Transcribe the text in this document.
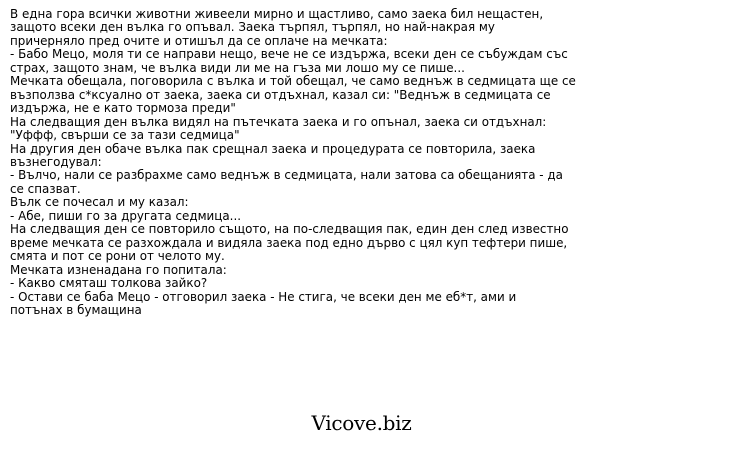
В една гора всички животни живеели мирно и щастливо, само заека бил нещастен,
защото всеки ден вълка го опъвал. Заека търпял, търпял, но най-накрая му
причерняло пред очите и отишъл да се оплаче на мечката:
- Бабо Мецо, моля ти се направи нещо, вече не се издържа, всеки ден се събуждам със
страх, защото знам, че вълка види ли ме на гъза ми лошо му се пише...
Мечката обещала, поговорила с вълка и той обещал, че само веднъж в седмицата ще се
възползва с*ксуално от заека, заека си отдъхнал, казал си: "Веднъж в седмицата се
издържа, не е като тормоза преди"
На следващия ден вълка видял на пътечката заека и го опънал, заека си отдъхнал:
"Уффф, свърши се за тази седмица"
На другия ден обаче вълка пак срещнал заека и процедурата се повторила, заека
възнегодувал:
- Вълчо, нали се разбрахме само веднъж в седмицата, нали затова са обещанията - да
се спазват.
Вълк се почесал и му казал:
- Абе, пиши го за другата седмица...
На следващия ден се повторило същото, на по-следващия пак, един ден след известно
време мечката се разхождала и видяла заека под едно дърво с цял куп тефтери пише,
смята и пот се рони от челото му.
Мечката изненадана го попитала:
- Какво смяташ толкова зайко?
- Остави се баба Мецо - отговорил заека - Не стига, че всеки ден ме еб*т, ами и
потънах в бумащина
Vicove.biz
